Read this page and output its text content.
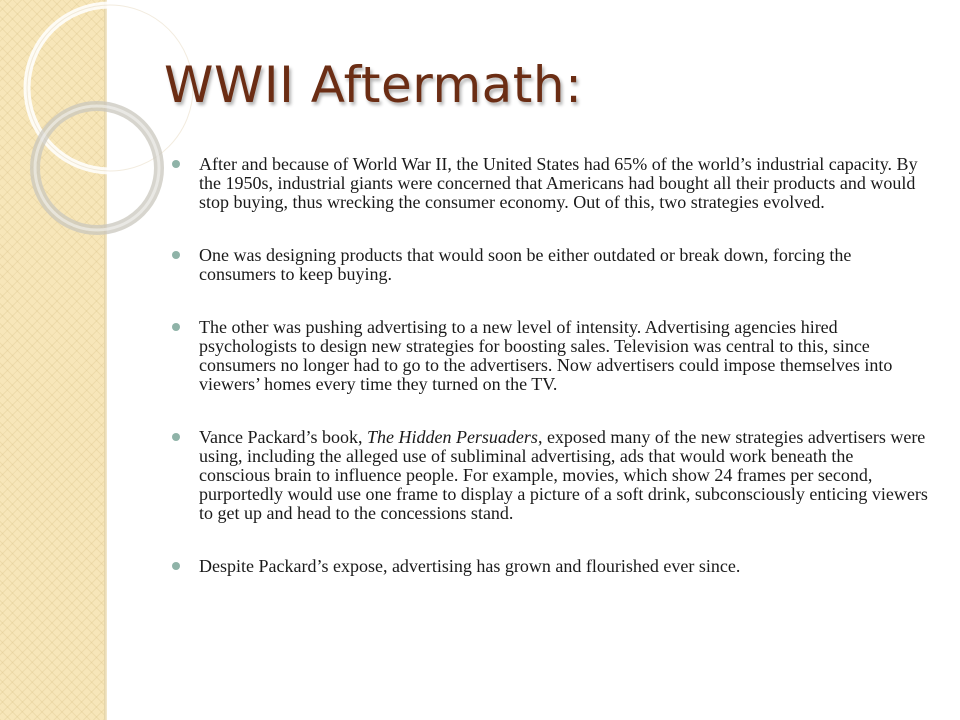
WWII Aftermath:
After and because of World War II, the United States had 65% of the world’s industrial capacity. By the 1950s, industrial giants were concerned that Americans had bought all their products and would stop buying, thus wrecking the consumer economy. Out of this, two strategies evolved.
One was designing products that would soon be either outdated or break down, forcing the consumers to keep buying.
The other was pushing advertising to a new level of intensity. Advertising agencies hired psychologists to design new strategies for boosting sales. Television was central to this, since consumers no longer had to go to the advertisers. Now advertisers could impose themselves into viewers’ homes every time they turned on the TV.
Vance Packard’s book, The Hidden Persuaders, exposed many of the new strategies advertisers were using, including the alleged use of subliminal advertising, ads that would work beneath the conscious brain to influence people. For example, movies, which show 24 frames per second, purportedly would use one frame to display a picture of a soft drink, subconsciously enticing viewers to get up and head to the concessions stand.
Despite Packard’s expose, advertising has grown and flourished ever since.
